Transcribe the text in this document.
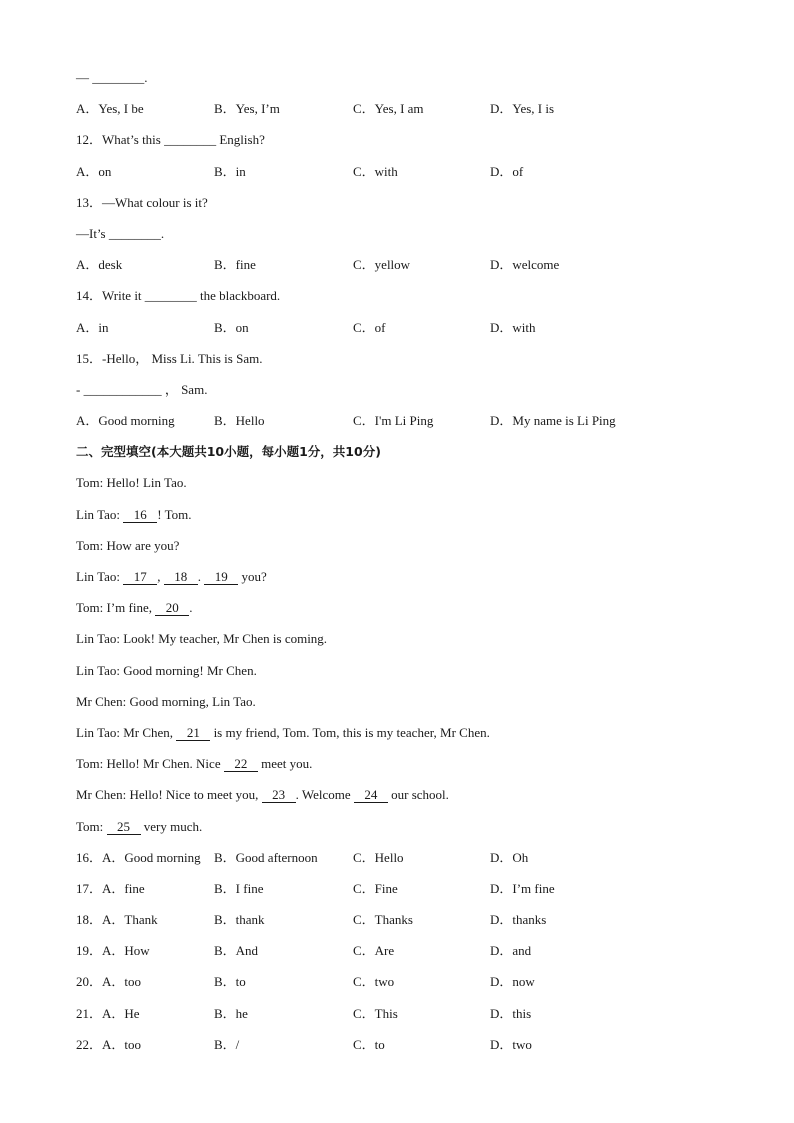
— ________.
A．Yes, I be	B．Yes, I’m	C．Yes, I am	D．Yes, I is
12．What’s this ________ English?
A．on	B．in	C．with	D．of
13．—What colour is it?
—It’s ________.
A．desk	B．fine	C．yellow	D．welcome
14．Write it ________ the blackboard.
A．in	B．on	C．of	D．with
15．-Hello， Miss Li. This is Sam.
- ____________ ， Sam.
A．Good morning	B．Hello	C．I'm Li Ping	D．My name is Li Ping
二、完型填空(本大题共10小题，每小题1分，共10分)
Tom: Hello! Lin Tao.
Lin Tao: 16 ! Tom.
Tom: How are you?
Lin Tao: 17 , 18 . 19 you?
Tom: I’m fine, 20 .
Lin Tao: Look! My teacher, Mr Chen is coming.
Lin Tao: Good morning! Mr Chen.
Mr Chen: Good morning, Lin Tao.
Lin Tao: Mr Chen, 21 is my friend, Tom. Tom, this is my teacher, Mr Chen.
Tom: Hello! Mr Chen. Nice 22 meet you.
Mr Chen: Hello! Nice to meet you, 23 . Welcome 24 our school.
Tom: 25 very much.
16．A．Good morning B．Good afternoon	C．Hello	D．Oh
17．A．fine	B．I fine	C．Fine	D．I’m fine
18．A．Thank	B．thank	C．Thanks	D．thanks
19．A．How	B．And	C．Are	D．and
20．A．too	B．to	C．two	D．now
21．A．He	B．he	C．This	D．this
22．A．too	B．/	C．to	D．two
